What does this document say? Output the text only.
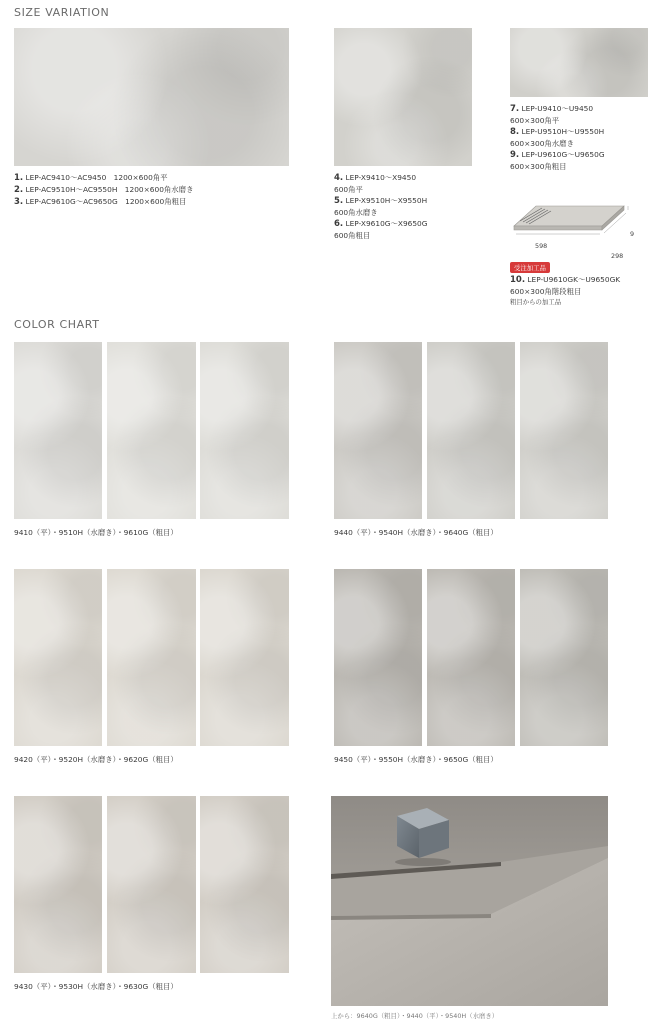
SIZE VARIATION
1. LEP-AC9410～AC9450　1200×600角平
2. LEP-AC9510H～AC9550H　1200×600角水磨き
3. LEP-AC9610G～AC9650G　1200×600角粗目
4. LEP-X9410～X9450
600角平
5. LEP-X9510H～X9550H
600角水磨き
6. LEP-X9610G～X9650G
600角粗目
7. LEP-U9410～U9450
600×300角平
8. LEP-U9510H～U9550H
600×300角水磨き
9. LEP-U9610G～U9650G
600×300角粗目
598
298
9
受注加工品
10. LEP-U9610GK～U9650GK
600×300角階段粗目
粗目からの加工品
COLOR CHART
9410（平）・9510H（水磨き）・9610G（粗目）	9440（平）・9540H（水磨き）・9640G（粗目）
9420（平）・9520H（水磨き）・9620G（粗目）	9450（平）・9550H（水磨き）・9650G（粗目）
9430（平）・9530H（水磨き）・9630G（粗目）
上から：9640G（粗目）・9440（平）・9540H（水磨き）
